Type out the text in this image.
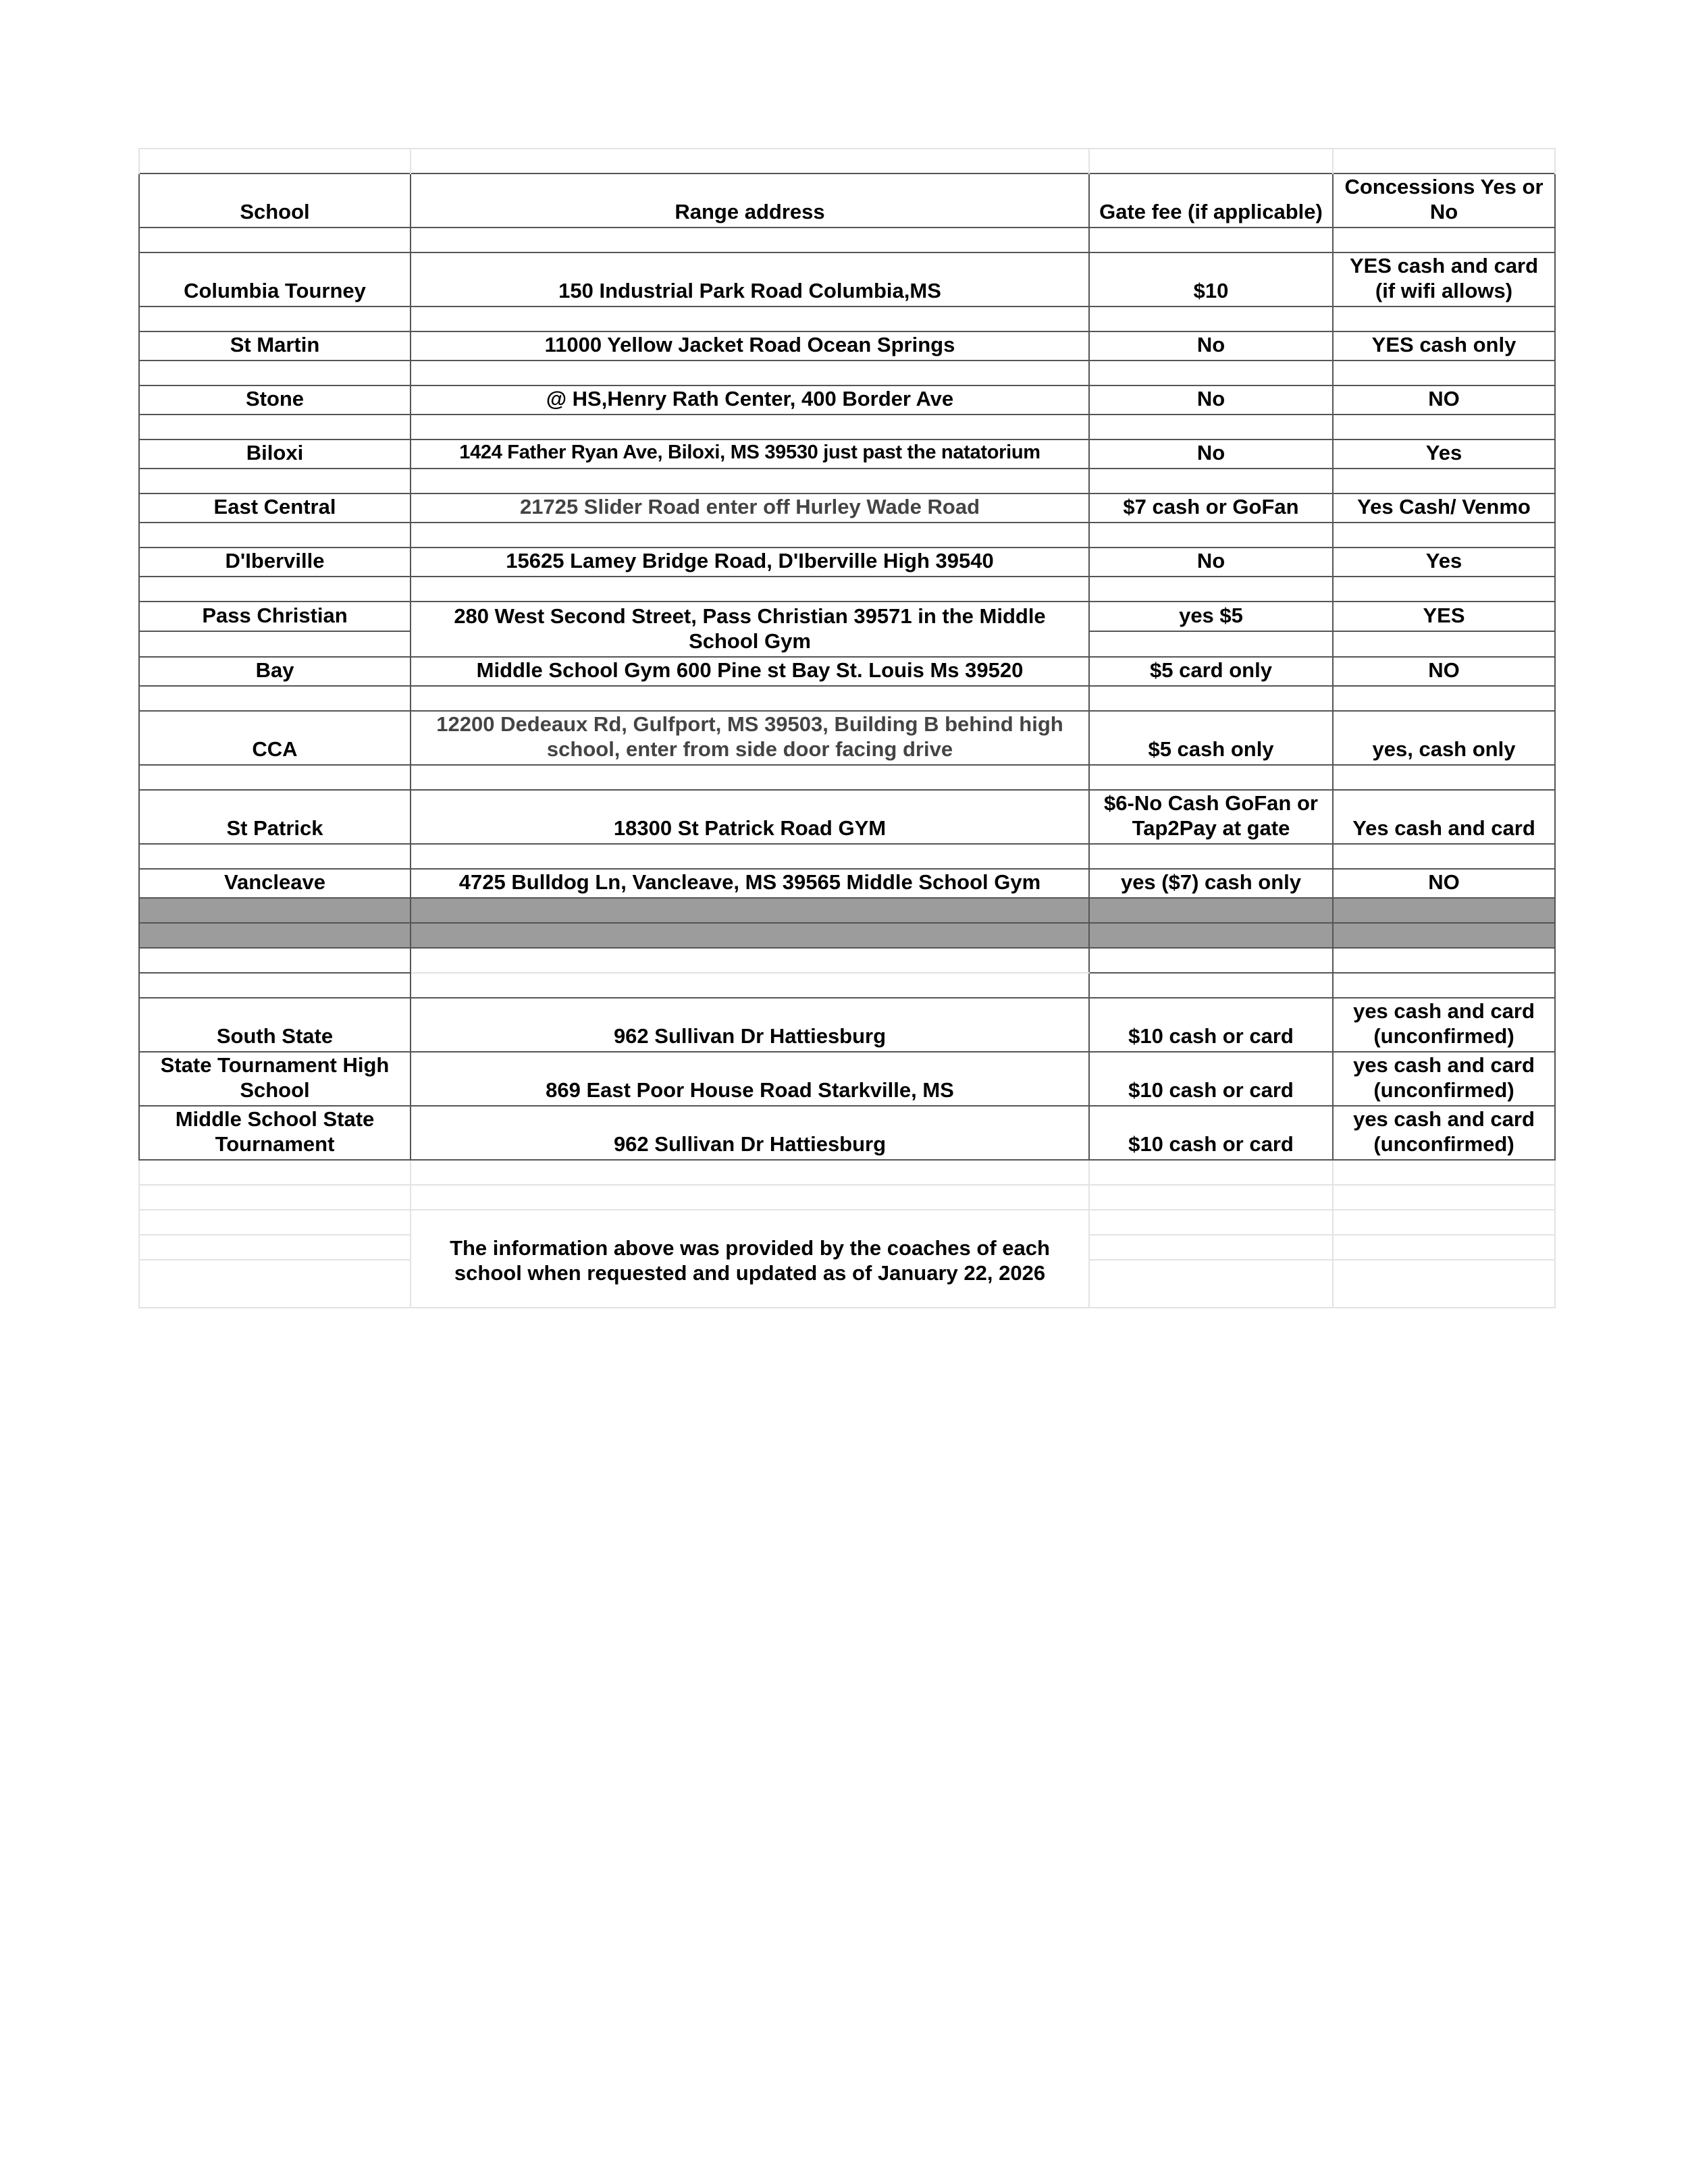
School	Range address	Gate fee (if applicable)	Concessions Yes or No

Columbia Tourney	150 Industrial Park Road Columbia,MS	$10	YES cash and card (if wifi allows)

St Martin	11000 Yellow Jacket Road Ocean Springs	No	YES cash only

Stone	@ HS,Henry Rath Center, 400 Border Ave	No	NO

Biloxi	1424 Father Ryan Ave, Biloxi, MS 39530 just past the natatorium	No	Yes

East Central	21725 Slider Road enter off Hurley Wade Road	$7 cash or GoFan	Yes Cash/ Venmo

D'Iberville	15625 Lamey Bridge Road, D'Iberville High 39540	No	Yes

Pass Christian	280 West Second Street, Pass Christian 39571 in the Middle School Gym	yes $5	YES

Bay	Middle School Gym 600 Pine st Bay St. Louis Ms 39520	$5 card only	NO

CCA	12200 Dedeaux Rd, Gulfport, MS 39503, Building B behind high school, enter from side door facing drive	$5 cash only	yes, cash only

St Patrick	18300 St Patrick Road GYM	$6-No Cash GoFan or Tap2Pay at gate	Yes cash and card

Vancleave	4725 Bulldog Ln, Vancleave, MS 39565 Middle School Gym	yes ($7) cash only	NO

South State	962 Sullivan Dr Hattiesburg	$10 cash or card	yes cash and card (unconfirmed)
State Tournament High School	869 East Poor House Road Starkville, MS	$10 cash or card	yes cash and card (unconfirmed)
Middle School State Tournament	962 Sullivan Dr Hattiesburg	$10 cash or card	yes cash and card (unconfirmed)

	The information above was provided by the coaches of each school when requested and updated as of January 22, 2026		
